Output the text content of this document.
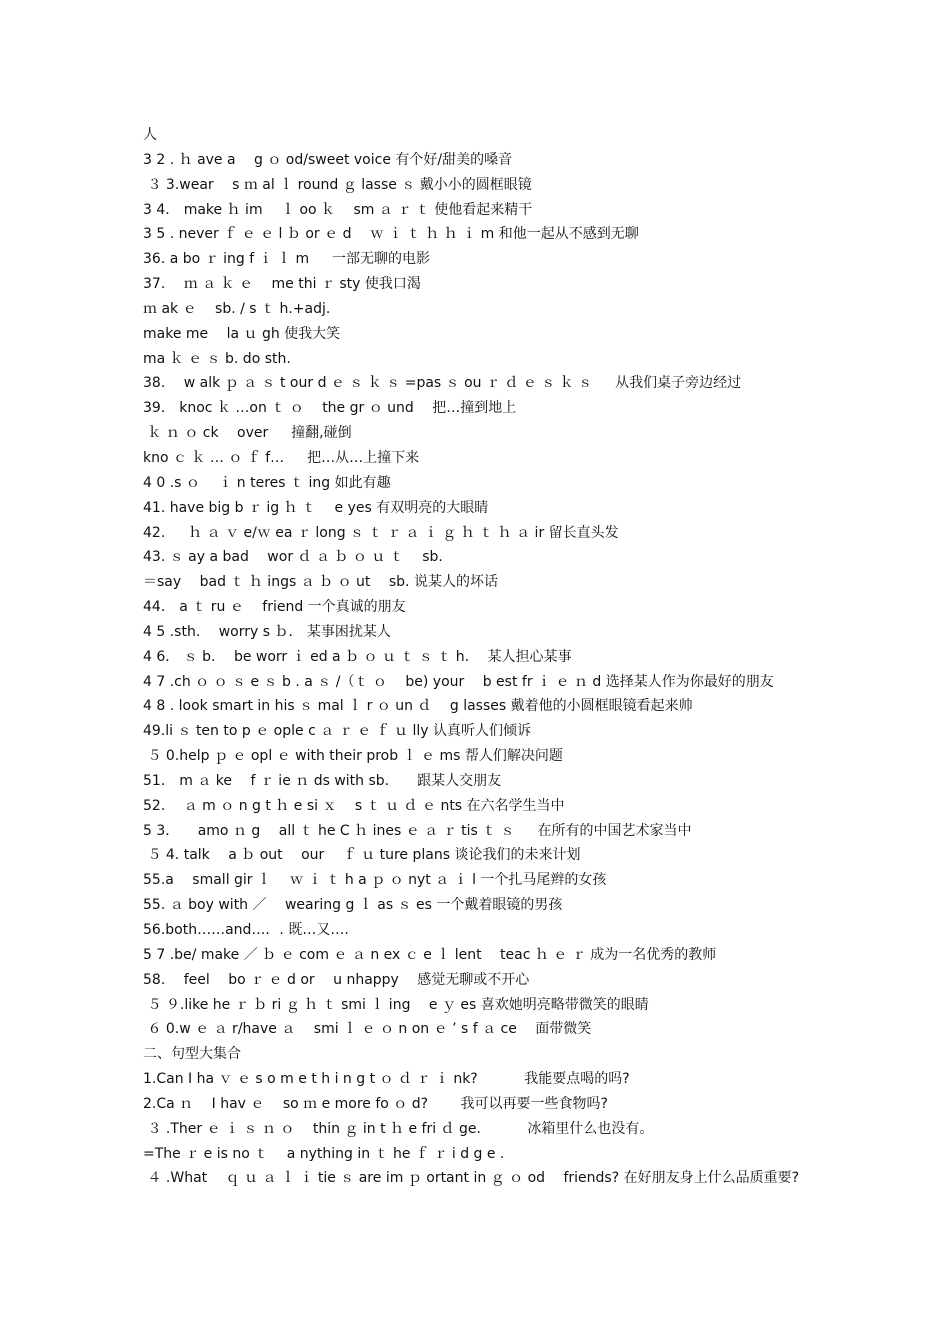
人
3 2 . ｈ ave a 　g ｏ od/sweet voice 有个好/甜美的嗓音
３ 3.wear 　s ｍ al ｌ round ｇ lasse ｓ 戴小小的圆框眼镜
3 4． make ｈ im 　ｌ oo ｋ 　sm ａ ｒ ｔ 使他看起来精干
3 5 . never ｆ ｅ ｅ l ｂ or ｅ d 　ｗ ｉ ｔ ｈ ｈ ｉ m 和他一起从不感到无聊
36. a bo ｒ ing f ｉ ｌ m 　 一部无聊的电影
37. 　ｍ ａ ｋ ｅ 　me thi ｒ sty 使我口渴
ｍ ak ｅ 　sb. / s ｔ h.+adj.
make me 　la ｕ gh 使我大笑
ma ｋ ｅ ｓ b. do sth.
38. 　w alk ｐ ａ ｓ t our d ｅ ｓ ｋ ｓ =pas ｓ ou ｒ ｄ ｅ ｓ ｋ ｓ 　 从我们桌子旁边经过
39． knoc ｋ …on ｔ ｏ 　the gr ｏ und 　把…撞到地上
ｋ ｎ ｏ ck 　over 　 撞翻,碰倒
kno ｃ ｋ … ｏ ｆ f… 　 把…从…上撞下来
4 0 .s ｏ 　ｉ n teres ｔ ing 如此有趣
41. have big b ｒ ig ｈ ｔ 　e yes 有双明亮的大眼睛
42. 　 ｈ ａ ｖ e/ｗ ea ｒ long ｓ ｔ ｒ ａ ｉ ｇ ｈ ｔ ｈ ａ ir 留长直头发
43. ｓ ay a bad 　wor ｄ ａ ｂ ｏ ｕ ｔ 　sb.
＝say 　bad ｔ ｈ ings ａ ｂ ｏ ut 　sb. 说某人的坏话
44． a ｔ ru ｅ 　friend 一个真诚的朋友
4 5 .sth. 　worry s ｂ． 某事困扰某人
4 6． ｓ b. 　be worr ｉ ed a ｂ ｏ ｕ ｔ ｓ ｔ h. 　某人担心某事
4 7 .ch ｏ ｏ ｓ e ｓ b . a ｓ /（ｔ ｏ 　be) your 　b est fr ｉ ｅ ｎ d 选择某人作为你最好的朋友
4 8 . look smart in his ｓ mal ｌ r ｏ un ｄ 　g lasses 戴着他的小圆框眼镜看起来帅
49.li ｓ ten to p ｅ ople c ａ ｒ ｅ ｆ ｕ lly 认真听人们倾诉
５ 0.help ｐ ｅ opl ｅ with their prob ｌ ｅ ms 帮人们解决问题
51． m ａ ke 　f ｒ ie ｎ ds with sb． 　跟某人交朋友
52. 　ａ m ｏ n g t ｈ e si ｘ 　s ｔ ｕ ｄ ｅ nts 在六名学生当中
5 3． 　amo ｎ g 　all ｔ he C ｈ ines ｅ ａ ｒ tis ｔ ｓ 　 在所有的中国艺术家当中
５ 4. talk 　a ｂ out 　our 　ｆ ｕ ture plans 谈论我们的未来计划
55.a 　small gir ｌ 　ｗ ｉ ｔ h a ｐ ｏ nyt ａ ｉ l 一个扎马尾辫的女孩
55. ａ boy with ／ 　wearing g ｌ as ｓ es 一个戴着眼镜的男孩
56.both……and…．. 既…又….
5 7 .be/ make ／ ｂ ｅ com ｅ ａ n ex ｃ e ｌ lent 　teac ｈ ｅ ｒ 成为一名优秀的教师
58. 　feel 　bo ｒ ｅ d or 　u nhappy 　感觉无聊或不开心
５ ９.like he ｒ ｂ ri ｇ ｈ ｔ smi ｌ ing 　e ｙ es 喜欢她明亮略带微笑的眼睛
６ 0.w ｅ ａ r/have ａ 　smi ｌ ｅ ｏ n on ｅ ’ s f ａ ce 　面带微笑
二、句型大集合
1.Can I ha ｖ ｅ s o m e t h i n g t ｏ ｄ ｒ ｉ nk? 　　　我能要点喝的吗?
2.Ca ｎ 　I hav ｅ 　so ｍ e more fo ｏ d? 　　我可以再要一些食物吗?
３ .Ther ｅ ｉ ｓ ｎ ｏ 　thin ｇ in t ｈ e fri ｄ ge. 　　　冰箱里什么也没有。
=The ｒ e is no ｔ 　a nything in ｔ he ｆ ｒ i d g e .
４ .What 　ｑ ｕ ａ ｌ ｉ tie ｓ are im ｐ ortant in ｇ ｏ od 　friends? 在好朋友身上什么品质重要?
